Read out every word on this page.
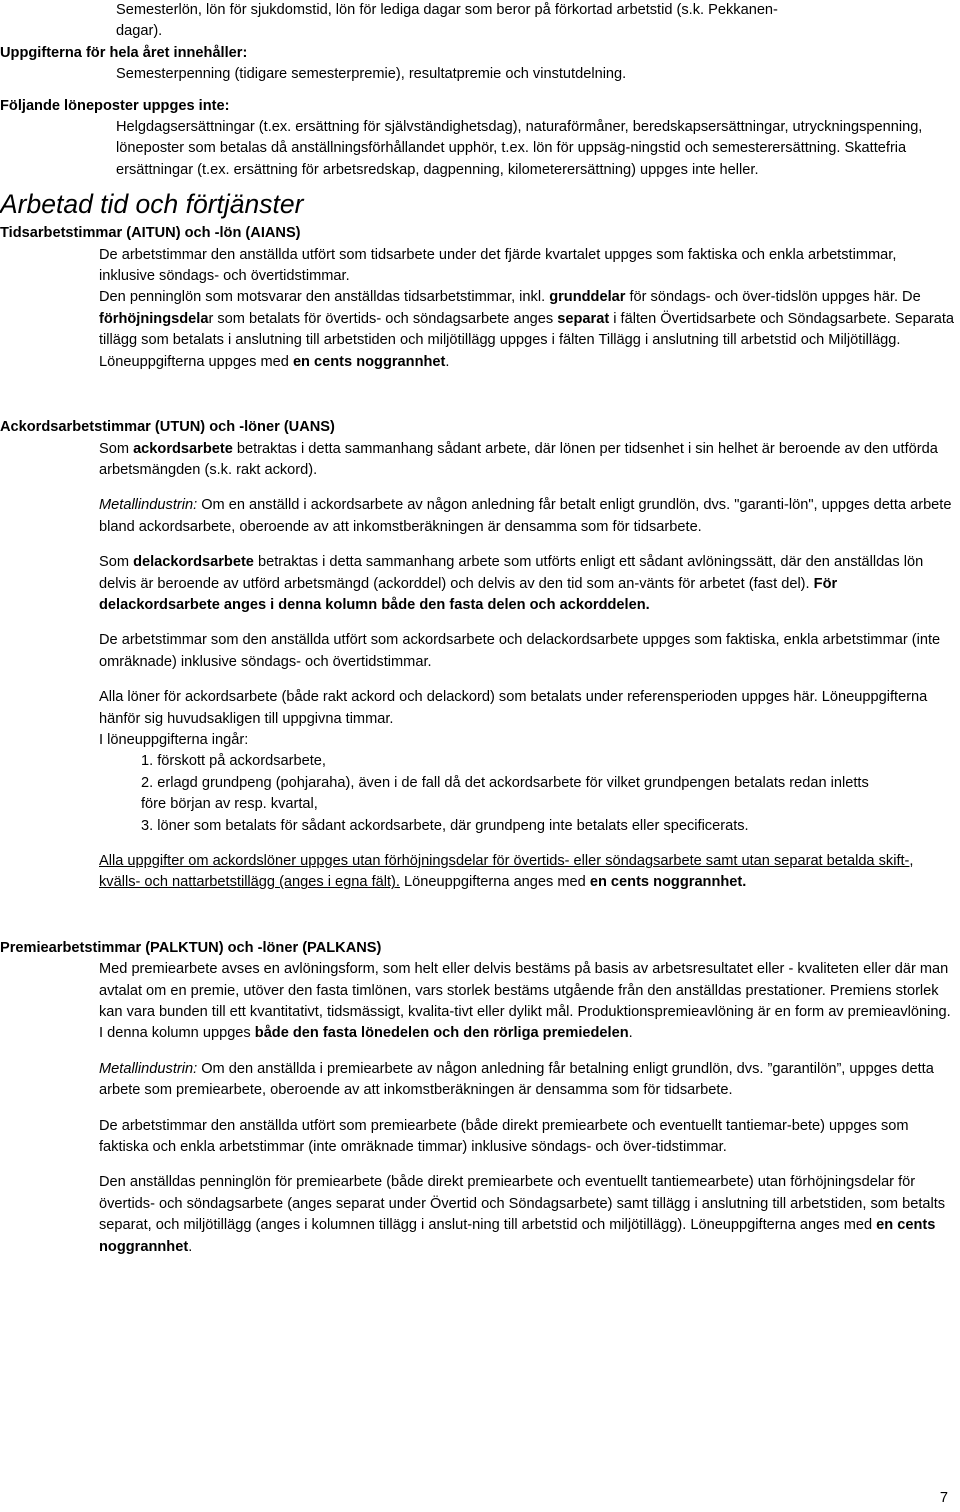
Semesterlön, lön för sjukdomstid, lön för lediga dagar som beror på förkortad arbetstid (s.k. Pekkanen-

dagar).

Uppgifterna för hela året innehåller:

Semesterpenning (tidigare semesterpremie), resultatpremie och vinstutdelning.

Följande löneposter uppges inte:

Helgdagsersättningar (t.ex. ersättning för självständighetsdag), naturaförmåner, beredskapsersättningar, utryckningspenning, löneposter som betalas då anställningsförhållandet upphör, t.ex. lön för uppsäg-ningstid och semesterersättning. Skattefria ersättningar (t.ex. ersättning för arbetsredskap, dagpenning, kilometerersättning) uppges inte heller.

Arbetad tid och förtjänster

Tidsarbetstimmar (AITUN) och -lön (AIANS)

De arbetstimmar den anställda utfört som tidsarbete under det fjärde kvartalet uppges som faktiska och enkla arbetstimmar, inklusive söndags- och övertidstimmar.

Den penninglön som motsvarar den anställdas tidsarbetstimmar, inkl. grunddelar för söndags- och över-tidslön uppges här. De förhöjningsdelar som betalats för övertids- och söndagsarbete anges separat i fälten Övertidsarbete och Söndagsarbete. Separata tillägg som betalats i anslutning till arbetstiden och miljötillägg uppges i fälten Tillägg i anslutning till arbetstid och Miljötillägg. Löneuppgifterna uppges med en cents noggrannhet.

Ackordsarbetstimmar (UTUN) och -löner (UANS)

Som ackordsarbete betraktas i detta sammanhang sådant arbete, där lönen per tidsenhet i sin helhet är beroende av den utförda arbetsmängden (s.k. rakt ackord).

Metallindustrin: Om en anställd i ackordsarbete av någon anledning får betalt enligt grundlön, dvs. "garanti-lön", uppges detta arbete bland ackordsarbete, oberoende av att inkomstberäkningen är densamma som för tidsarbete.

Som delackordsarbete betraktas i detta sammanhang arbete som utförts enligt ett sådant avlöningssätt, där den anställdas lön delvis är beroende av utförd arbetsmängd (ackorddel) och delvis av den tid som an-vänts för arbetet (fast del). För delackordsarbete anges i denna kolumn både den fasta delen och ackorddelen.

De arbetstimmar som den anställda utfört som ackordsarbete och delackordsarbete uppges som faktiska, enkla arbetstimmar (inte omräknade) inklusive söndags- och övertidstimmar.

Alla löner för ackordsarbete (både rakt ackord och delackord) som betalats under referensperioden uppges här. Löneuppgifterna hänför sig huvudsakligen till uppgivna timmar.

I löneuppgifterna ingår:

1. förskott på ackordsarbete,

2. erlagd grundpeng (pohjaraha), även i de fall då det ackordsarbete för vilket grundpengen betalats redan inletts före början av resp. kvartal,

3. löner som betalats för sådant ackordsarbete, där grundpeng inte betalats eller specificerats.

Alla uppgifter om ackordslöner uppges utan förhöjningsdelar för övertids- eller söndagsarbete samt utan separat betalda skift-, kvälls- och nattarbetstillägg (anges i egna fält). Löneuppgifterna anges med en cents noggrannhet.

Premiearbetstimmar (PALKTUN) och -löner (PALKANS)

Med premiearbete avses en avlöningsform, som helt eller delvis bestäms på basis av arbetsresultatet eller - kvaliteten eller där man avtalat om en premie, utöver den fasta timlönen, vars storlek bestäms utgående från den anställdas prestationer. Premiens storlek kan vara bunden till ett kvantitativt, tidsmässigt, kvalita-tivt eller dylikt mål. Produktionspremieavlöning är en form av premieavlöning. I denna kolumn uppges både den fasta lönedelen och den rörliga premiedelen.

Metallindustrin: Om den anställda i premiearbete av någon anledning får betalning enligt grundlön, dvs. ”garantilön”, uppges detta arbete som premiearbete, oberoende av att inkomstberäkningen är densamma som för tidsarbete.

De arbetstimmar den anställda utfört som premiearbete (både direkt premiearbete och eventuellt tantiemar-bete) uppges som faktiska och enkla arbetstimmar (inte omräknade timmar) inklusive söndags- och över-tidstimmar.

Den anställdas penninglön för premiearbete (både direkt premiearbete och eventuellt tantiemearbete) utan förhöjningsdelar för övertids- och söndagsarbete (anges separat under Övertid och Söndagsarbete) samt tillägg i anslutning till arbetstiden, som betalts separat, och miljötillägg (anges i kolumnen tillägg i anslut-ning till arbetstid och miljötillägg). Löneuppgifterna anges med en cents noggrannhet.

7
